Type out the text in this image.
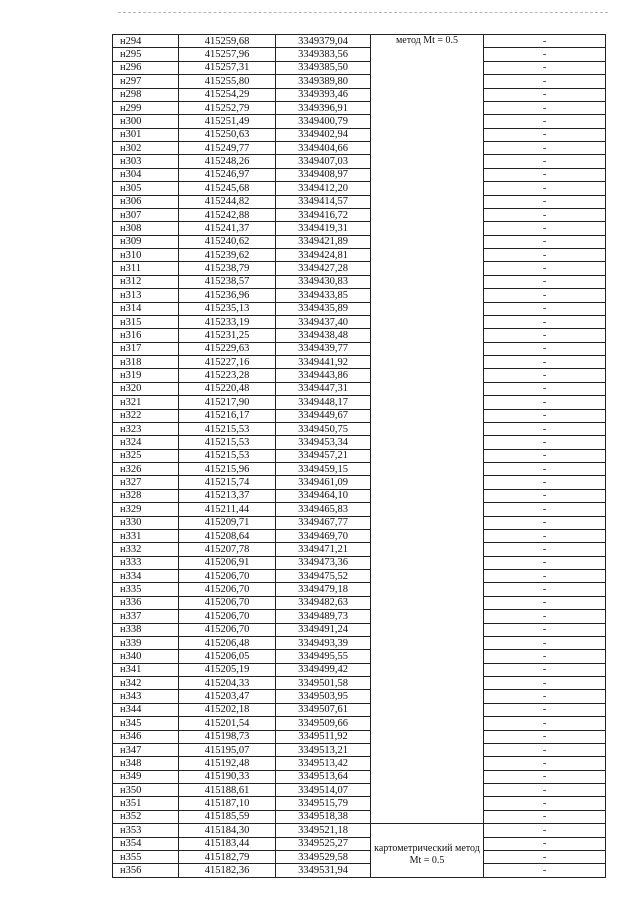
н294	415259,68	3349379,04	метод Mt = 0.5	-
н295	415257,96	3349383,56		-
н296	415257,31	3349385,50		-
н297	415255,80	3349389,80		-
н298	415254,29	3349393,46		-
н299	415252,79	3349396,91		-
н300	415251,49	3349400,79		-
н301	415250,63	3349402,94		-
н302	415249,77	3349404,66		-
н303	415248,26	3349407,03		-
н304	415246,97	3349408,97		-
н305	415245,68	3349412,20		-
н306	415244,82	3349414,57		-
н307	415242,88	3349416,72		-
н308	415241,37	3349419,31		-
н309	415240,62	3349421,89		-
н310	415239,62	3349424,81		-
н311	415238,79	3349427,28		-
н312	415238,57	3349430,83		-
н313	415236,96	3349433,85		-
н314	415235,13	3349435,89		-
н315	415233,19	3349437,40		-
н316	415231,25	3349438,48		-
н317	415229,63	3349439,77		-
н318	415227,16	3349441,92		-
н319	415223,28	3349443,86		-
н320	415220,48	3349447,31		-
н321	415217,90	3349448,17		-
н322	415216,17	3349449,67		-
н323	415215,53	3349450,75		-
н324	415215,53	3349453,34		-
н325	415215,53	3349457,21		-
н326	415215,96	3349459,15		-
н327	415215,74	3349461,09		-
н328	415213,37	3349464,10		-
н329	415211,44	3349465,83		-
н330	415209,71	3349467,77		-
н331	415208,64	3349469,70		-
н332	415207,78	3349471,21		-
н333	415206,91	3349473,36		-
н334	415206,70	3349475,52		-
н335	415206,70	3349479,18		-
н336	415206,70	3349482,63		-
н337	415206,70	3349489,73		-
н338	415206,70	3349491,24		-
н339	415206,48	3349493,39		-
н340	415206,05	3349495,55		-
н341	415205,19	3349499,42		-
н342	415204,33	3349501,58		-
н343	415203,47	3349503,95		-
н344	415202,18	3349507,61		-
н345	415201,54	3349509,66		-
н346	415198,73	3349511,92		-
н347	415195,07	3349513,21		-
н348	415192,48	3349513,42		-
н349	415190,33	3349513,64		-
н350	415188,61	3349514,07		-
н351	415187,10	3349515,79		-
н352	415185,59	3349518,38		-
н353	415184,30	3349521,18	картометрический метод Mt = 0.5	-
н354	415183,44	3349525,27		-
н355	415182,79	3349529,58		-
н356	415182,36	3349531,94		-
